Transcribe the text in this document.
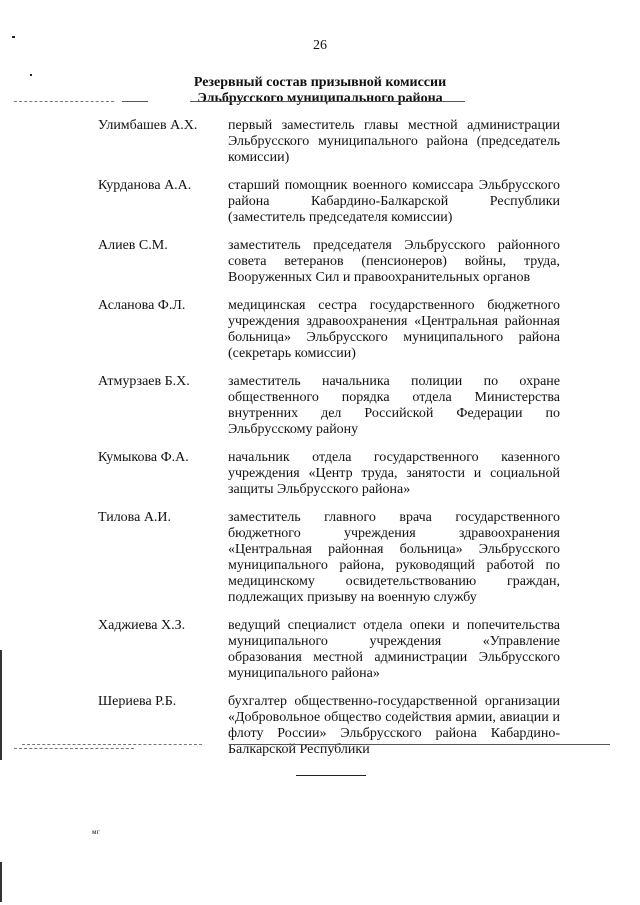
26
Резервный состав призывной комиссии
Эльбрусского муниципального района
Улимбашев А.Х.	первый заместитель главы местной администрации Эльбрусского муниципального района (председатель комиссии)
Курданова А.А.	старший помощник военного комиссара Эльбрусского района Кабардино-Балкарской Республики (заместитель председателя комиссии)
Алиев С.М.	заместитель председателя Эльбрусского районного совета ветеранов (пенсионеров) войны, труда, Вооруженных Сил и правоохранительных органов
Асланова Ф.Л.	медицинская сестра государственного бюджетного учреждения здравоохранения «Центральная районная больница» Эльбрусского муниципального района (секретарь комиссии)
Атмурзаев Б.Х.	заместитель начальника полиции по охране общественного порядка отдела Министерства внутренних дел Российской Федерации по Эльбрусскому району
Кумыкова Ф.А.	начальник отдела государственного казенного учреждения «Центр труда, занятости и социальной защиты Эльбрусского района»
Тилова А.И.	заместитель главного врача государственного бюджетного учреждения здравоохранения «Центральная районная больница» Эльбрусского муниципального района, руководящий работой по медицинскому освидетельствованию граждан, подлежащих призыву на военную службу
Хаджиева Х.З.	ведущий специалист отдела опеки и попечительства муниципального учреждения «Управление образования местной администрации Эльбрусского муниципального района»
Шериева Р.Б.	бухгалтер общественно-государственной организации «Добровольное общество содействия армии, авиации и флоту России» Эльбрусского района Кабардино-Балкарской Республики
мг
